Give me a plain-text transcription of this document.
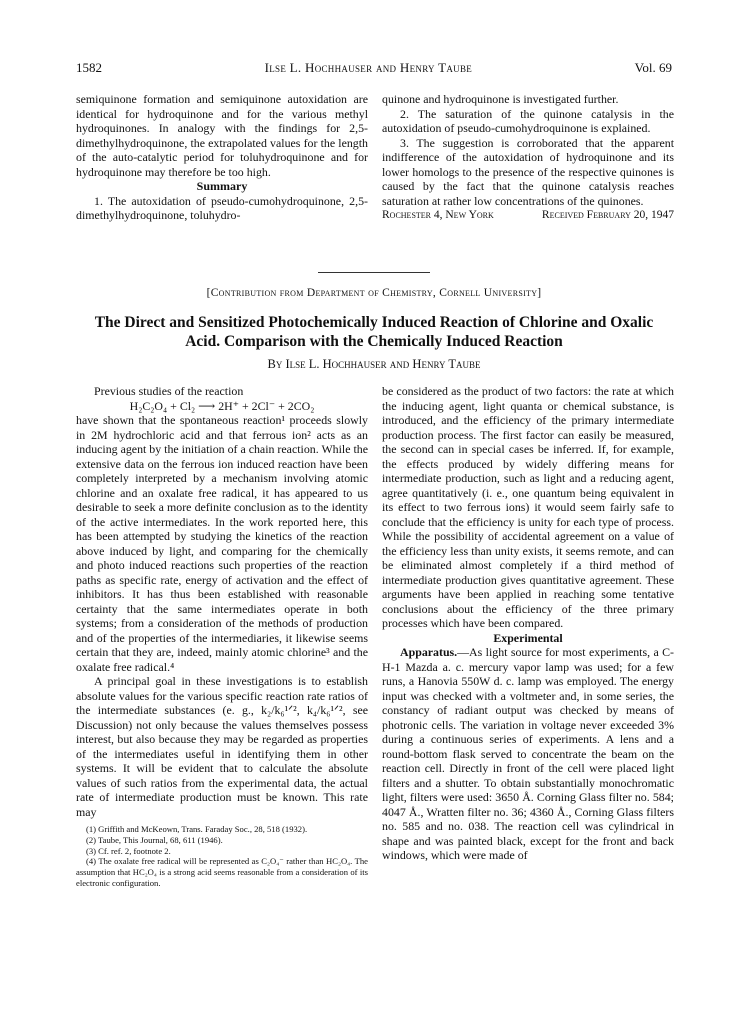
1582	Ilse L. Hochhauser and Henry Taube	Vol. 69

semiquinone formation and semiquinone autoxidation are identical for hydroquinone and for the various methyl hydroquinones. In analogy with the findings for 2,5-dimethylhydroquinone, the extrapolated values for the length of the auto-catalytic period for toluhydroquinone and for hydroquinone may therefore be too high.

Summary

1. The autoxidation of pseudo-cumohydroquinone, 2,5-dimethylhydroquinone, toluhydro-

quinone and hydroquinone is investigated further.

2. The saturation of the quinone catalysis in the autoxidation of pseudo-cumohydroquinone is explained.

3. The suggestion is corroborated that the apparent indifference of the autoxidation of hydroquinone and its lower homologs to the presence of the respective quinones is caused by the fact that the quinone catalysis reaches saturation at rather low concentrations of the quinones.

Rochester 4, New York	Received February 20, 1947
[Contribution from Department of Chemistry, Cornell University]
The Direct and Sensitized Photochemically Induced Reaction of Chlorine and Oxalic Acid. Comparison with the Chemically Induced Reaction
By Ilse L. Hochhauser and Henry Taube

Previous studies of the reaction

H₂C₂O₄ + Cl₂ ⟶ 2H⁺ + 2Cl⁻ + 2CO₂

have shown that the spontaneous reaction¹ proceeds slowly in 2M hydrochloric acid and that ferrous ion² acts as an inducing agent by the initiation of a chain reaction. While the extensive data on the ferrous ion induced reaction have been completely interpreted by a mechanism involving atomic chlorine and an oxalate free radical, it has appeared to us desirable to seek a more definite conclusion as to the identity of the active intermediates. In the work reported here, this has been attempted by studying the kinetics of the reaction above induced by light, and comparing for the chemically and photo induced reactions such properties of the reaction paths as specific rate, energy of activation and the effect of inhibitors. It has thus been established with reasonable certainty that the same intermediates operate in both systems; from a consideration of the methods of production and of the properties of the intermediaries, it likewise seems certain that they are, indeed, mainly atomic chlorine³ and the oxalate free radical.⁴

A principal goal in these investigations is to establish absolute values for the various specific reaction rate ratios of the intermediate substances (e. g., k₂/k₆¹ᐟ², k₄/k₆¹ᐟ², see Discussion) not only because the values themselves possess interest, but also because they may be regarded as properties of the intermediates useful in identifying them in other systems. It will be evident that to calculate the absolute values of such ratios from the experimental data, the actual rate of intermediate production must be known. This rate may

(1) Griffith and McKeown, Trans. Faraday Soc., 28, 518 (1932).

(2) Taube, This Journal, 68, 611 (1946).

(3) Cf. ref. 2, footnote 2.

(4) The oxalate free radical will be represented as C₂O₄⁻ rather than HC₂O₄. The assumption that HC₂O₄ is a strong acid seems reasonable from a consideration of its electronic configuration.

be considered as the product of two factors: the rate at which the inducing agent, light quanta or chemical substance, is introduced, and the efficiency of the primary intermediate production process. The first factor can easily be measured, the second can in special cases be inferred. If, for example, the effects produced by widely differing means for intermediate production, such as light and a reducing agent, agree quantitatively (i. e., one quantum being equivalent in its effect to two ferrous ions) it would seem fairly safe to conclude that the efficiency is unity for each type of process. While the possibility of accidental agreement on a value of the efficiency less than unity exists, it seems remote, and can be eliminated almost completely if a third method of intermediate production gives quantitative agreement. These arguments have been applied in reaching some tentative conclusions about the efficiency of the three primary processes which have been compared.

Experimental

Apparatus.—As light source for most experiments, a C-H-1 Mazda a. c. mercury vapor lamp was used; for a few runs, a Hanovia 550W d. c. lamp was employed. The energy input was checked with a voltmeter and, in some series, the constancy of radiant output was checked by means of photronic cells. The variation in voltage never exceeded 3% during a continuous series of experiments. A lens and a round-bottom flask served to concentrate the beam on the reaction cell. Directly in front of the cell were placed light filters and a shutter. To obtain substantially monochromatic light, filters were used: 3650 Å. Corning Glass filter no. 584; 4047 Å., Wratten filter no. 36; 4360 Å., Corning Glass filters no. 585 and no. 038. The reaction cell was cylindrical in shape and was painted black, except for the front and back windows, which were made of
